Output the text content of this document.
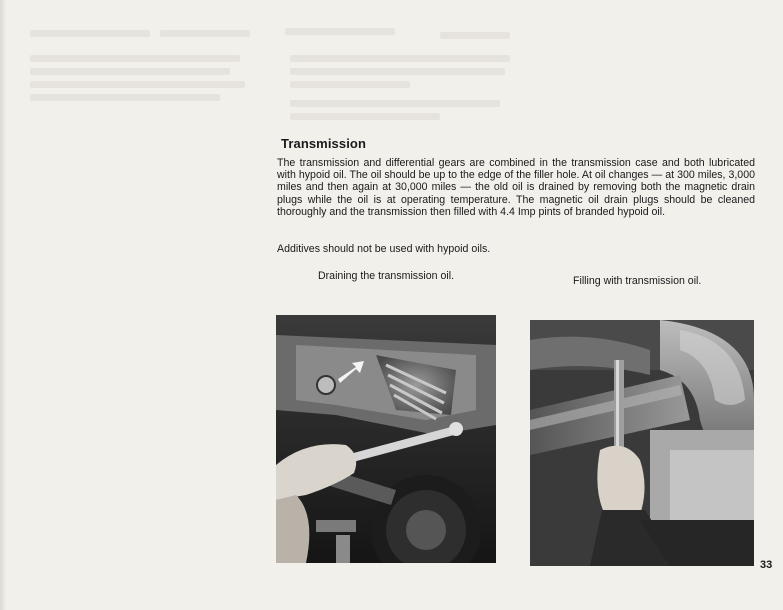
Transmission
The transmission and differential gears are combined in the transmission case and both lubricated with hypoid oil. The oil should be up to the edge of the filler hole. At oil changes — at 300 miles, 3,000 miles and then again at 30,000 miles — the old oil is drained by removing both the magnetic drain plugs while the oil is at operating temperature. The magnetic oil drain plugs should be cleaned thoroughly and the transmission then filled with 4.4 Imp pints of branded hypoid oil.
Additives should not be used with hypoid oils.
Draining the transmission oil.	Filling with transmission oil.
33
